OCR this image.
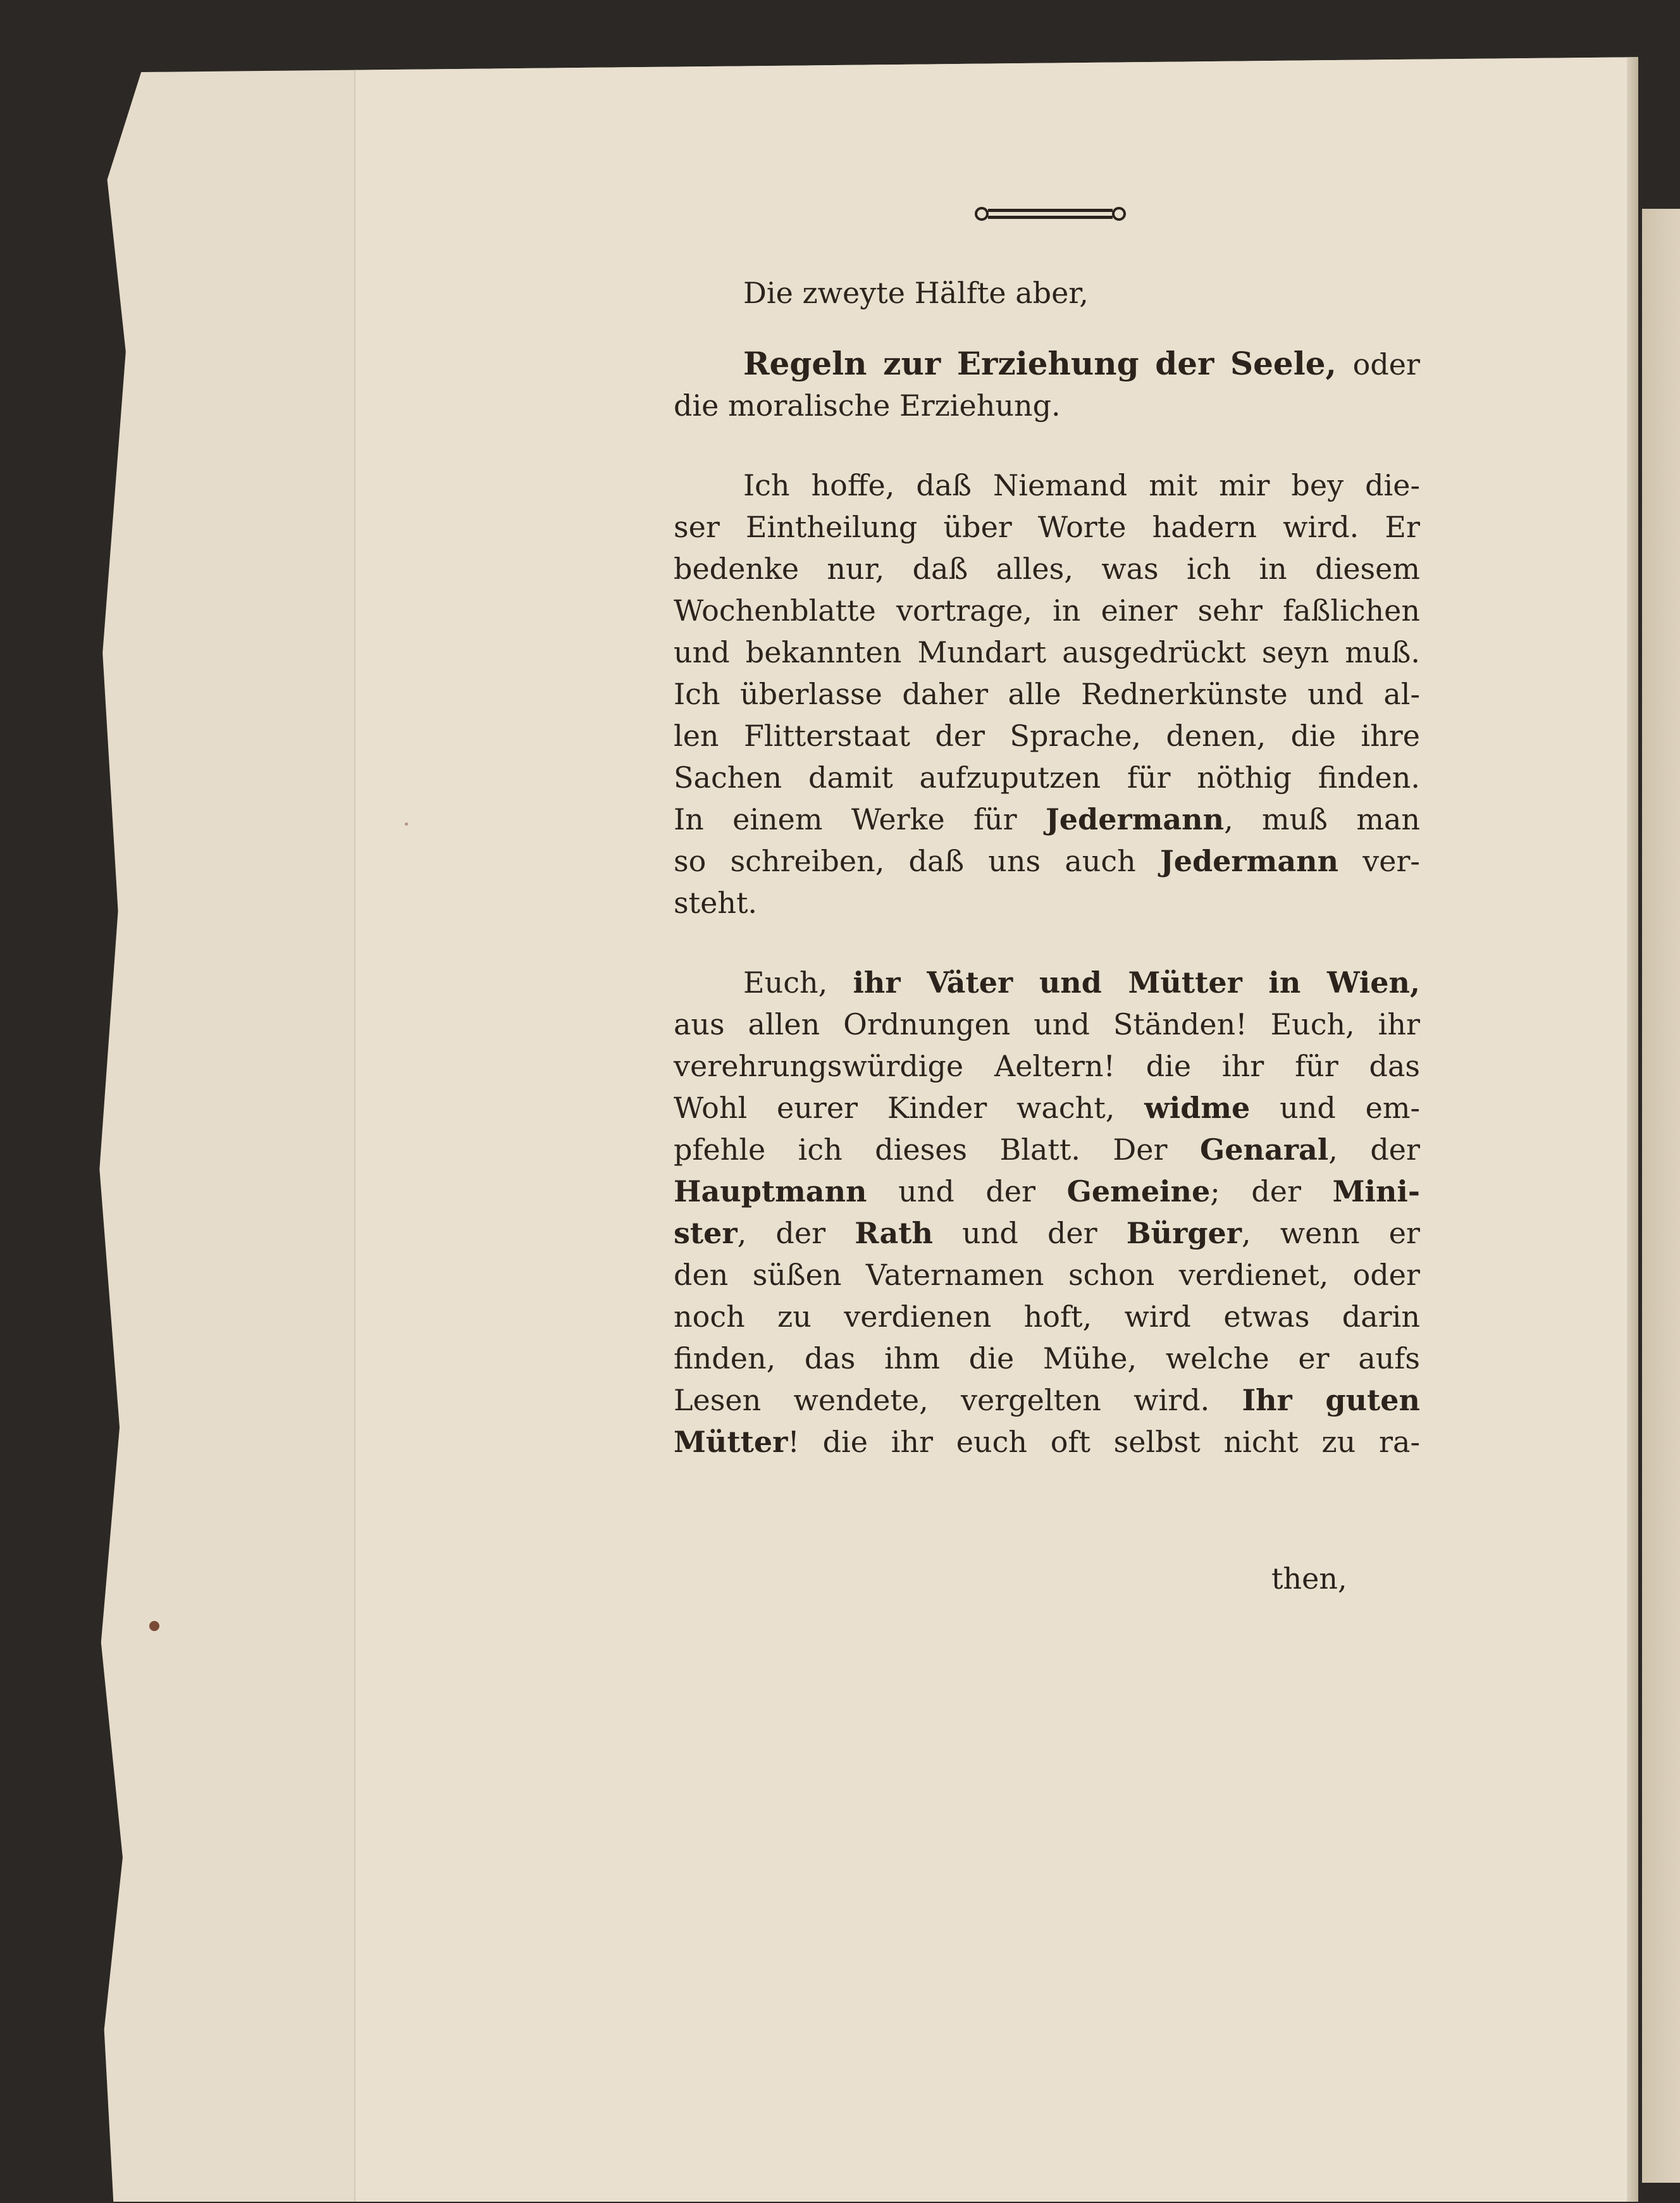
Die zweyte Hälfte aber,
Regeln zur Erziehung der Seele, oder
die moralische Erziehung.
Ich hoffe, daß Niemand mit mir bey die-
ser Eintheilung über Worte hadern wird. Er
bedenke nur, daß alles, was ich in diesem
Wochenblatte vortrage, in einer sehr faßlichen
und bekannten Mundart ausgedrückt seyn muß.
Ich überlasse daher alle Rednerkünste und al-
len Flitterstaat der Sprache, denen, die ihre
Sachen damit aufzuputzen für nöthig finden.
In einem Werke für Jedermann, muß man
so schreiben, daß uns auch Jedermann ver-
steht.
Euch, ihr Väter und Mütter in Wien,
aus allen Ordnungen und Ständen! Euch, ihr
verehrungswürdige Aeltern! die ihr für das
Wohl eurer Kinder wacht, widme und em-
pfehle ich dieses Blatt. Der Genaral, der
Hauptmann und der Gemeine; der Mini-
ster, der Rath und der Bürger, wenn er
den süßen Vaternamen schon verdienet, oder
noch zu verdienen hoft, wird etwas darin
finden, das ihm die Mühe, welche er aufs
Lesen wendete, vergelten wird. Ihr guten
Mütter! die ihr euch oft selbst nicht zu ra-
then,
